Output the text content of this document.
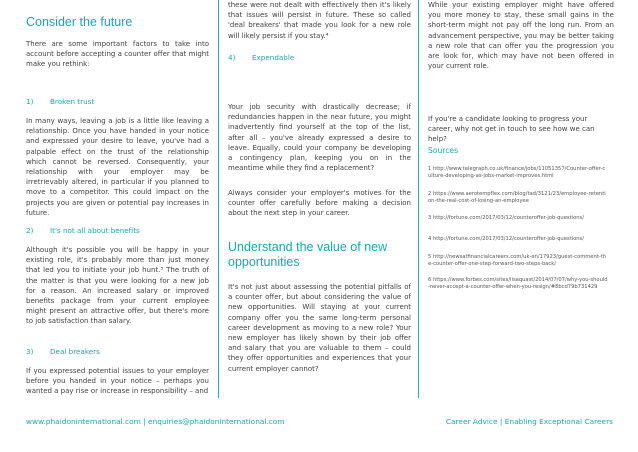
Consider the future

There are some important factors to take into account before accepting a counter offer that might make you rethink:

1) Broken trust

In many ways, leaving a job is a little like leaving a relationship. Once you have handed in your notice and expressed your desire to leave, you've had a palpable effect on the trust of the relationship which cannot be reversed. Consequently, your relationship with your employer may be irretrievably altered, in particular if you planned to move to a competitor. This could impact on the projects you are given or potential pay increases in future.

2) It's not all about benefits

Although it's possible you will be happy in your existing role, it's probably more than just money that led you to initiate your job hunt.³ The truth of the matter is that you were looking for a new job for a reason. An increased salary or improved benefits package from your current employee might present an attractive offer, but there's more to job satisfaction than salary.

3) Deal breakers

If you expressed potential issues to your employer before you handed in your notice – perhaps you wanted a pay rise or increase in responsibility – and

these were not dealt with effectively then it's likely that issues will persist in future. These so called 'deal breakers' that made you look for a new role will likely persist if you stay.⁴

4) Expendable

Your job security with drastically decrease; if redundancies happen in the near future, you might inadvertently find yourself at the top of the list, after all – you've already expressed a desire to leave. Equally, could your company be developing a contingency plan, keeping you on in the meantime while they find a replacement?

Always consider your employer's motives for the counter offer carefully before making a decision about the next step in your career.

Understand the value of new opportunities

It's not just about assessing the potential pitfalls of a counter offer, but about considering the value of new opportunities. Will staying at your current company offer you the same long-term personal career development as moving to a new role? Your new employer has likely shown by their job offer and salary that you are valuable to them – could they offer opportunities and experiences that your current employer cannot?

While your existing employer might have offered you more money to stay, these small gains in the short-term might not pay off the long run. From an advancement perspective, you may be better taking a new role that can offer you the progression you are look for, which may have not been offered in your current role.

If you're a candidate looking to progress your career, why not get in touch to see how we can help?

Sources

1 http://www.telegraph.co.uk/finance/jobs/11051357/Counter-offer-culture-developing-as-jobs-market-improves.html

2 https://www.aerotempflex.com/blog/tad/3121/23/employee-retention-the-real-cost-of-losing-an-employee

3 http://fortune.com/2017/03/12/counteroffer-job-questions/

4 http://fortune.com/2017/03/12/counteroffer-job-questions/

5 http://newsatfinancialcareers.com/uk-en/17923/guest-comment-the-counter-offer-one-step-forward-two-steps-back/

6 https://www.forbes.com/sites/lisaquast/2014/07/07/why-you-should-never-accept-a-counter-offer-when-you-resign/#8bcd79b731429

www.phaidoninternational.com | enquiries@phaidoninternational.com	Career Advice | Enabling Exceptional Careers
